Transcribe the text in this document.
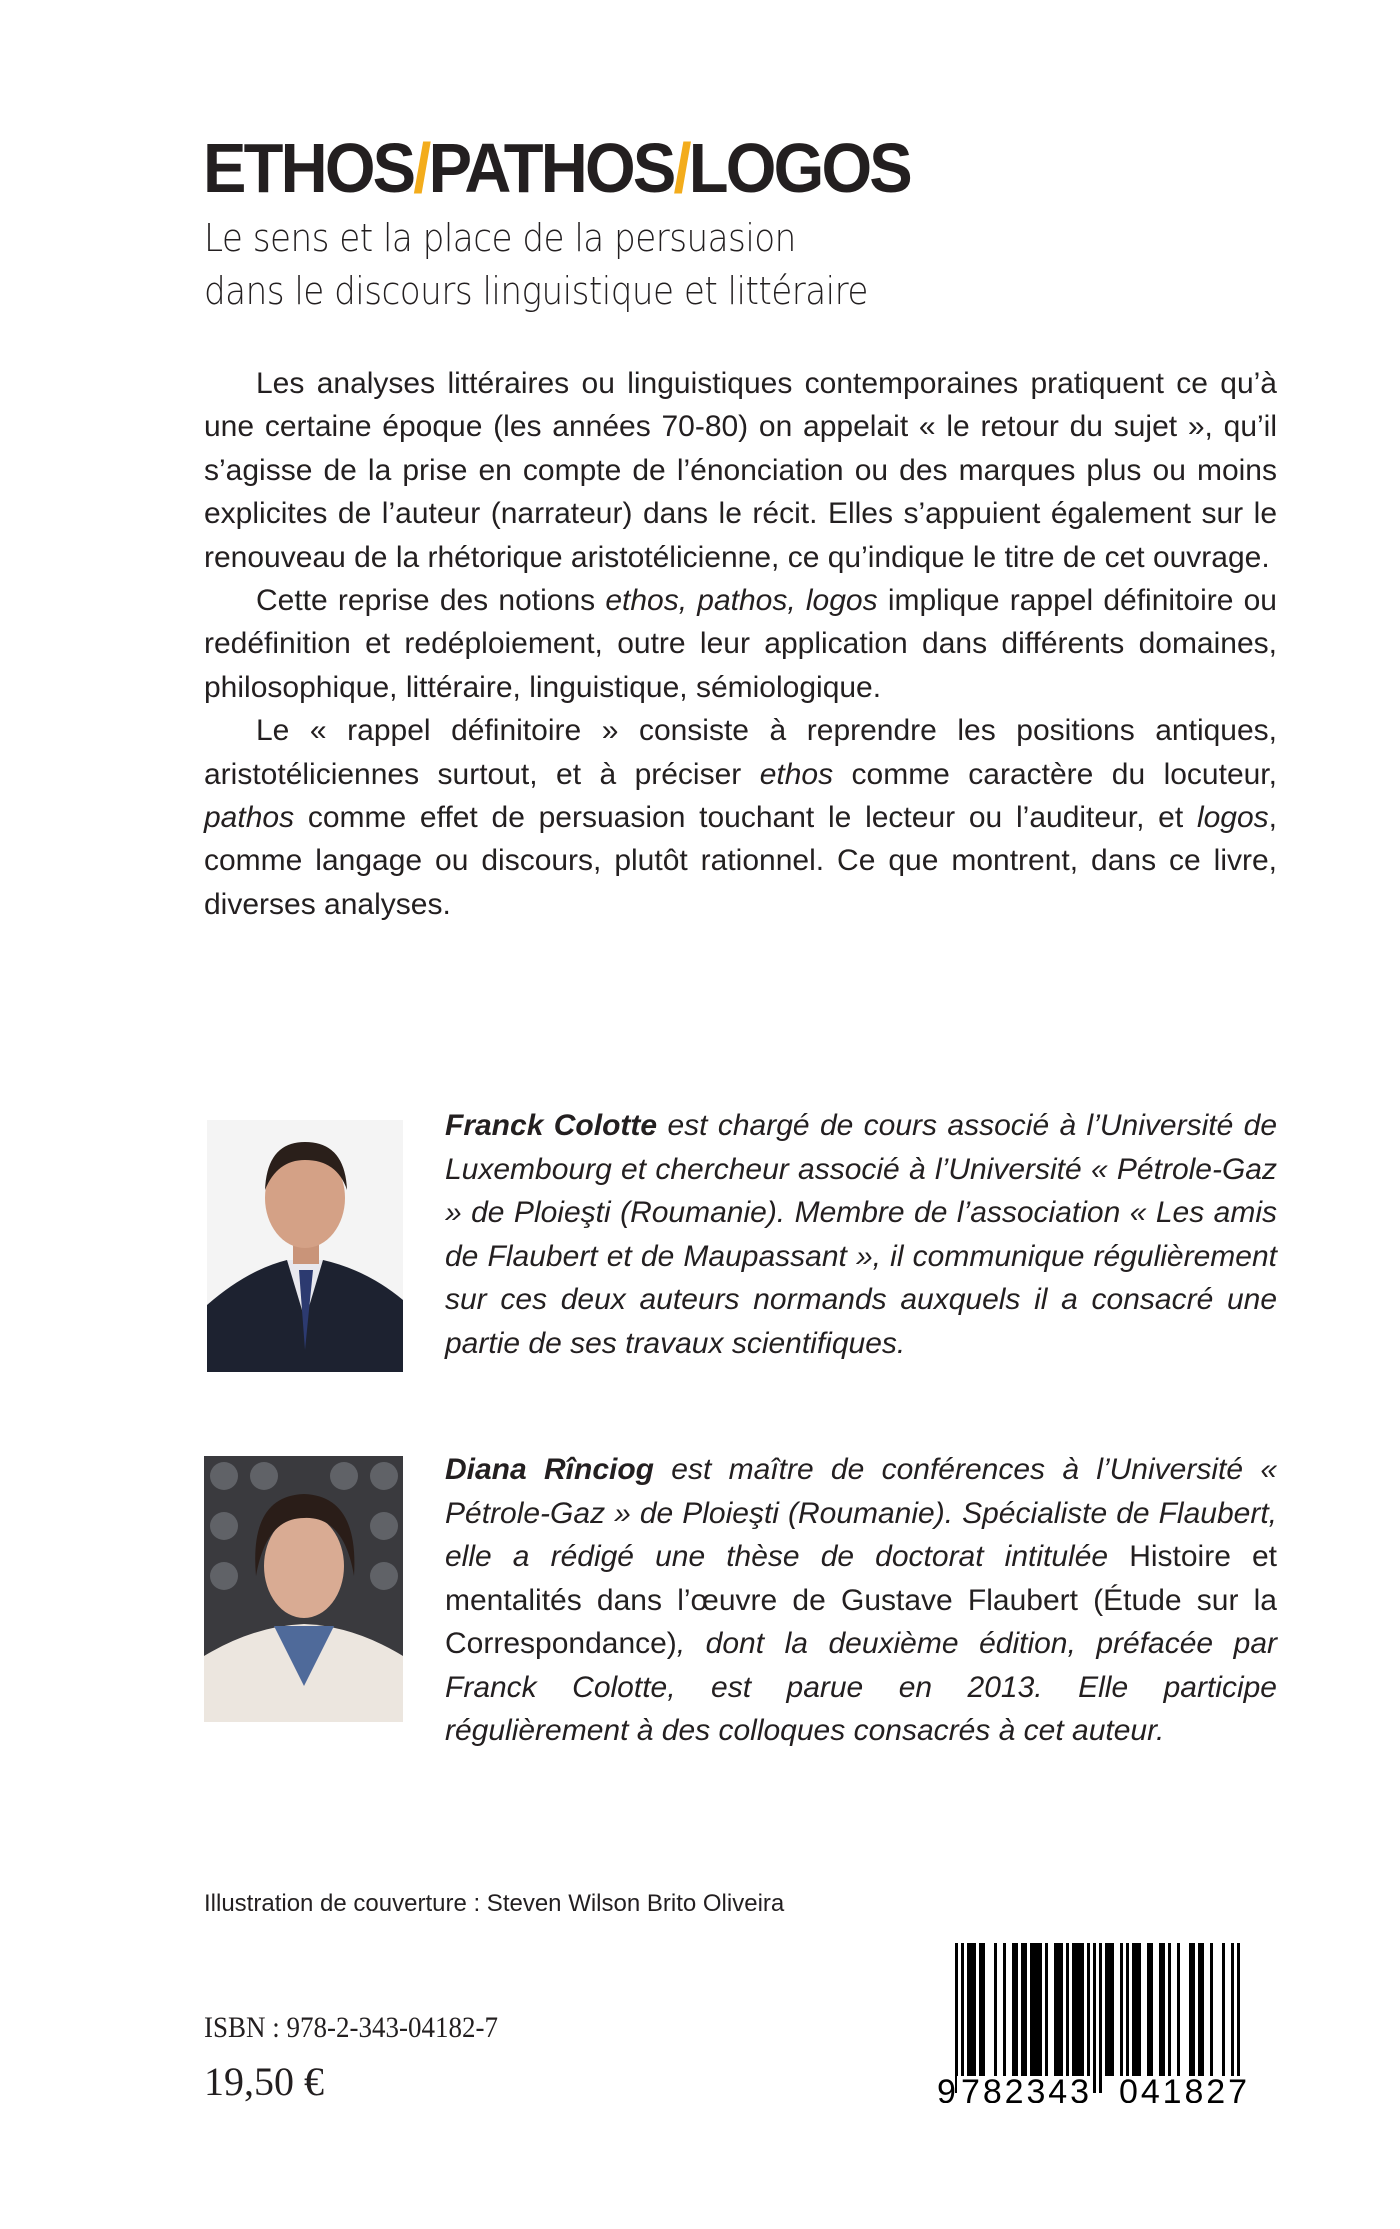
ETHOS/PATHOS/LOGOS
Le sens et la place de la persuasion
dans le discours linguistique et littéraire

Les analyses littéraires ou linguistiques contemporaines pratiquent ce qu’à une certaine époque (les années 70-80) on appelait « le retour du sujet », qu’il s’agisse de la prise en compte de l’énonciation ou des marques plus ou moins explicites de l’auteur (narrateur) dans le récit. Elles s’appuient également sur le renouveau de la rhétorique aristotélicienne, ce qu’indique le titre de cet ouvrage.

Cette reprise des notions ethos, pathos, logos implique rappel définitoire ou redéfinition et redéploiement, outre leur application dans différents domaines, philosophique, littéraire, linguistique, sémiologique.

Le « rappel définitoire » consiste à reprendre les positions antiques, aristotéliciennes surtout, et à préciser ethos comme caractère du locuteur, pathos comme effet de persuasion touchant le lecteur ou l’auditeur, et logos, comme langage ou discours, plutôt rationnel. Ce que montrent, dans ce livre, diverses analyses.

Franck Colotte est chargé de cours associé à l’Université de Luxembourg et chercheur associé à l’Université « Pétrole-Gaz » de Ploieşti (Roumanie). Membre de l’association « Les amis de Flaubert et de Maupassant », il communique régulièrement sur ces deux auteurs normands auxquels il a consacré une partie de ses travaux scientifiques.
Diana Rînciog est maître de conférences à l’Université « Pétrole-Gaz » de Ploieşti (Roumanie). Spécialiste de Flaubert, elle a rédigé une thèse de doctorat intitulée Histoire et mentalités dans l’œuvre de Gustave Flaubert (Étude sur la Correspondance), dont la deuxième édition, préfacée par Franck Colotte, est parue en 2013. Elle participe régulièrement à des colloques consacrés à cet auteur.
Illustration de couverture : Steven Wilson Brito Oliveira
ISBN : 978-2-343-04182-7
19,50 €	9 782343 041827
